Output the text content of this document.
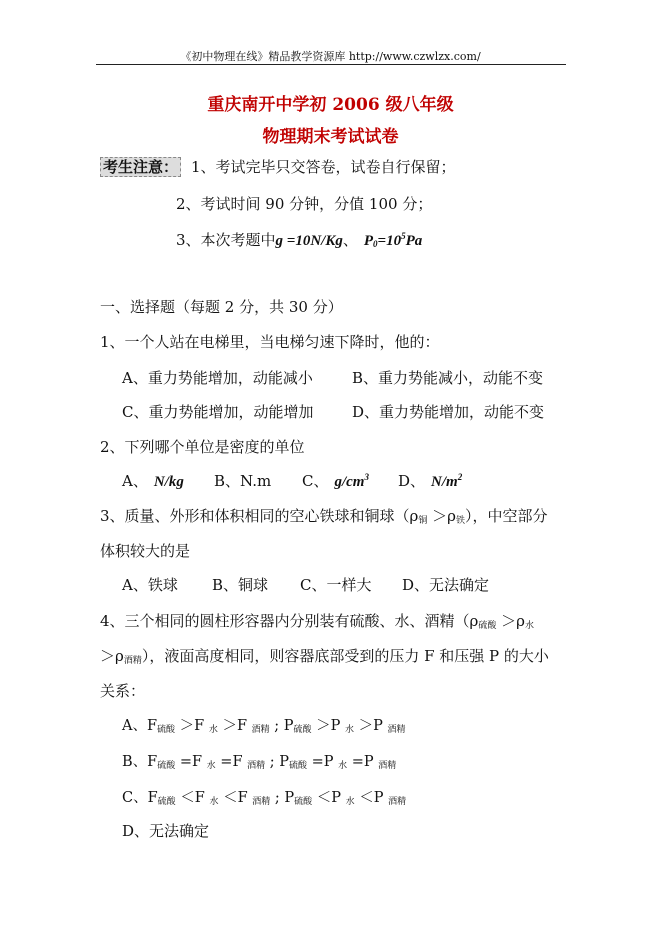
《初中物理在线》精品教学资源库 http://www.czwlzx.com/
重庆南开中学初 2006 级八年级
物理期末考试试卷
考生注意： 1、考试完毕只交答卷，试卷自行保留；
2、考试时间 90 分钟，分值 100 分；
3、本次考题中g =10N/Kg、 $P_0=10^5Pa$
一、选择题（每题 2 分，共 30 分）
1、一个人站在电梯里，当电梯匀速下降时，他的：
A、重力势能增加，动能减小	B、重力势能减小，动能不变
C、重力势能增加，动能增加	D、重力势能增加，动能不变
2、下列哪个单位是密度的单位
A、 N/kg B、N.m C、 $g/cm^3$ D、 $N/m^2$
3、质量、外形和体积相同的空心铁球和铜球$(\rho_铜 >\rho_铁)$，中空部分
体积较大的是
A、铁球 B、铜球 C、一样大 D、无法确定
4、三个相同的圆柱形容器内分别装有硫酸、水、酒精（$\rho_{硫酸} >\rho_水$
$>\rho_{酒精}$），液面高度相同，则容器底部受到的压力 F 和压强 P 的大小
关系：
A、$F_{硫酸} >F$ $_水$ ＞F $_{酒精}$ ; $P_{硫酸} >P$ $_水$ ＞P $_{酒精}$
B、$F_{硫酸} =F$ $_水$ =F $_{酒精}$ ; $P_{硫酸} =P$ $_水$ =P $_{酒精}$
C、$F_{硫酸} <F$ $_水$ ＜F $_{酒精}$ ; $P_{硫酸} <P$ $_水$ ＜P $_{酒精}$
D、无法确定
